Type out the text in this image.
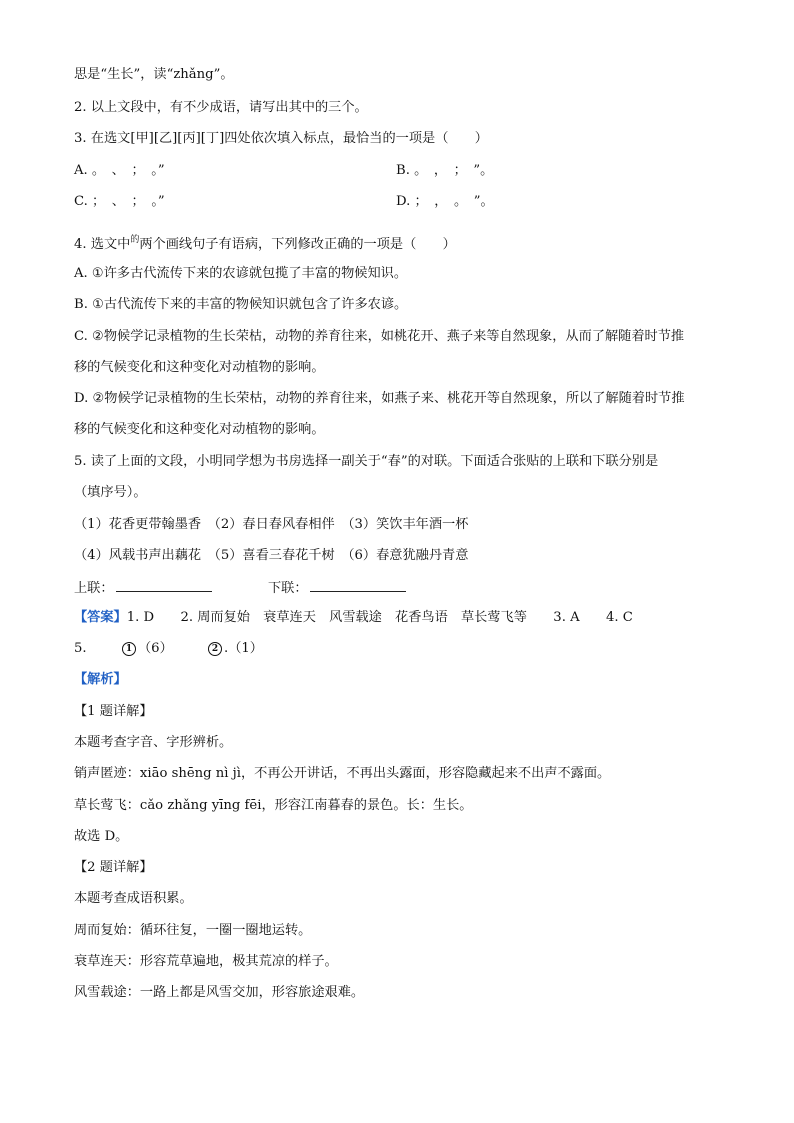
思是“生长”，读“zhǎng”。
2. 以上文段中，有不少成语，请写出其中的三个。
3. 在选文[甲][乙][丙][丁]四处依次填入标点，最恰当的一项是（　　）
A. 。　、　；　。”	B. 。　，　；　”。
C. ；　、　；　。”	D. ；　，　。　”。
4. 选文中$^的$两个画线句子有语病，下列修改正确的一项是（　　）
A. ①许多古代流传下来的农谚就包揽了丰富的物候知识。
B. ①古代流传下来的丰富的物候知识就包含了许多农谚。
C. ②物候学记录植物的生长荣枯，动物的养育往来，如桃花开、燕子来等自然现象，从而了解随着时节推
移的气候变化和这种变化对动植物的影响。
D. ②物候学记录植物的生长荣枯，动物的养育往来，如燕子来、桃花开等自然现象，所以了解随着时节推
移的气候变化和这种变化对动植物的影响。
5. 读了上面的文段，小明同学想为书房选择一副关于“春”的对联。下面适合张贴的上联和下联分别是
（填序号）。
（1）花香更带翰墨香　（2）春日春风春相伴　（3）笑饮丰年酒一杯
（4）风载书声出藕花　（5）喜看三春花千树　（6）春意犹融丹青意
上联：	下联：
【答案】1. D　　2. 周而复始　衰草连天　风雪载途　花香鸟语　草长莺飞等　　3. A　　4. C
5.	1 （6）	2 .（1）
【解析】
【1 题详解】
本题考查字音、字形辨析。
销声匿迹：xiāo shēng nì jì，不再公开讲话，不再出头露面，形容隐藏起来不出声不露面。
草长莺飞：cǎo zhǎng yīng fēi，形容江南暮春的景色。长：生长。
故选 D。
【2 题详解】
本题考查成语积累。
周而复始：循环往复，一圈一圈地运转。
衰草连天：形容荒草遍地，极其荒凉的样子。
风雪载途：一路上都是风雪交加，形容旅途艰难。
